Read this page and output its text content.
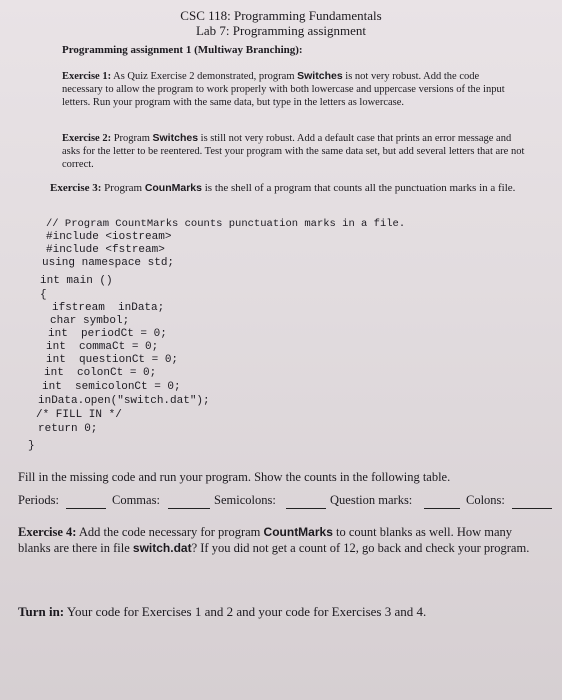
CSC 118: Programming Fundamentals
Lab 7: Programming assignment
Programming assignment 1 (Multiway Branching):
Exercise 1: As Quiz Exercise 2 demonstrated, program Switches is not very robust. Add the code necessary to allow the program to work properly with both lowercase and uppercase versions of the input letters. Run your program with the same data, but type in the letters as lowercase.
Exercise 2: Program Switches is still not very robust. Add a default case that prints an error message and asks for the letter to be reentered. Test your program with the same data set, but add several letters that are not correct.
Exercise 3: Program CounMarks is the shell of a program that counts all the punctuation marks in a file.
// Program CountMarks counts punctuation marks in a file.
#include <iostream>
#include <fstream>
using namespace std;
int main ()
{
ifstream  inData;
char symbol;
int  periodCt = 0;
int  commaCt = 0;
int  questionCt = 0;
int  colonCt = 0;
int  semicolonCt = 0;
inData.open("switch.dat");
/* FILL IN */
return 0;
}
Fill in the missing code and run your program. Show the counts in the following table.
Periods:	Commas:	Semicolons:	Question marks:	Colons:
Exercise 4: Add the code necessary for program CountMarks to count blanks as well. How many blanks are there in file switch.dat? If you did not get a count of 12, go back and check your program.
Turn in: Your code for Exercises 1 and 2 and your code for Exercises 3 and 4.
